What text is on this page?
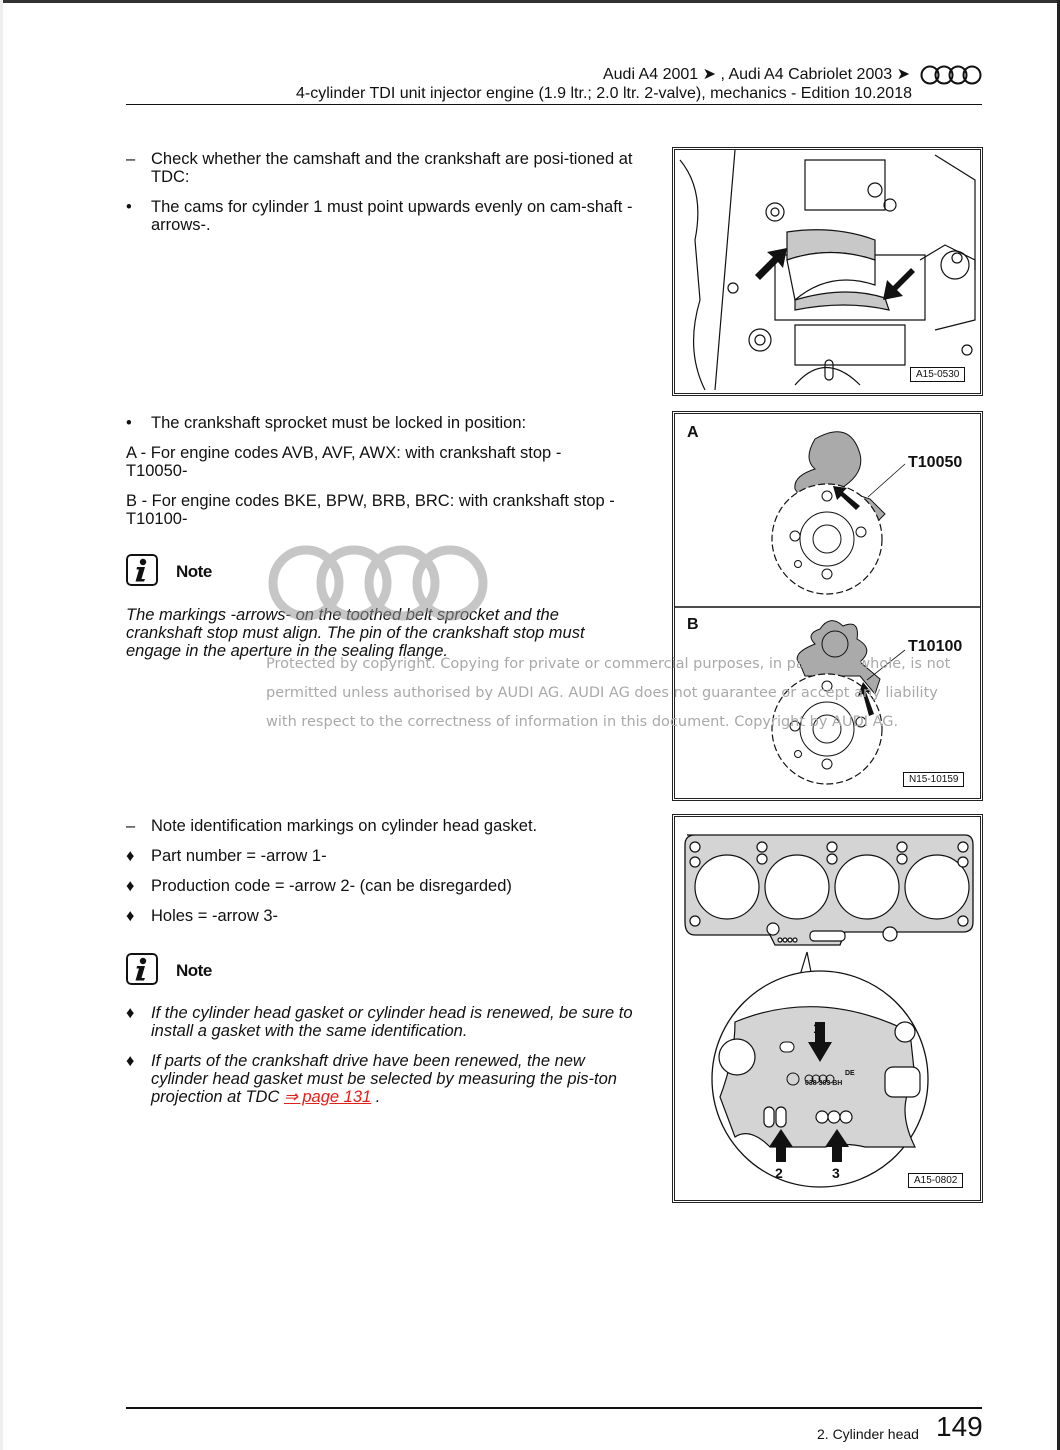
Audi A4 2001 ➤ , Audi A4 Cabriolet 2003 ➤
4-cylinder TDI unit injector engine (1.9 ltr.; 2.0 ltr. 2-valve), mechanics - Edition 10.2018
– Check whether the camshaft and the crankshaft are posi-tioned at TDC:
•	The cams for cylinder 1 must point upwards evenly on cam-shaft -arrows-.
A15-0530
•	The crankshaft sprocket must be locked in position:
A - For engine codes AVB, AVF, AWX: with crankshaft stop - T10050-
B - For engine codes BKE, BPW, BRB, BRC: with crankshaft stop - T10100-
Note
The markings -arrows- on the toothed belt sprocket and the crankshaft stop must align. The pin of the crankshaft stop must engage in the aperture in the sealing flange.
A
T10050
B
T10100
N15-10159
Protected by copyright. Copying for private or commercial purposes, in part or in whole, is not
permitted unless authorised by AUDI AG. AUDI AG does not guarantee or accept any liability
with respect to the correctness of information in this document. Copyright by AUDI AG.
– Note identification markings on cylinder head gasket.
♦	Part number = -arrow 1-
♦	Production code = -arrow 2- (can be disregarded)
♦	Holes = -arrow 3-
Note
♦	If the cylinder head gasket or cylinder head is renewed, be sure to install a gasket with the same identification.
♦	If parts of the crankshaft drive have been renewed, the new cylinder head gasket must be selected by measuring the pis-ton projection at TDC ⇒ page 131 .
1
DE
038 303 BH
2	3	A15-0802
2. Cylinder head 149
